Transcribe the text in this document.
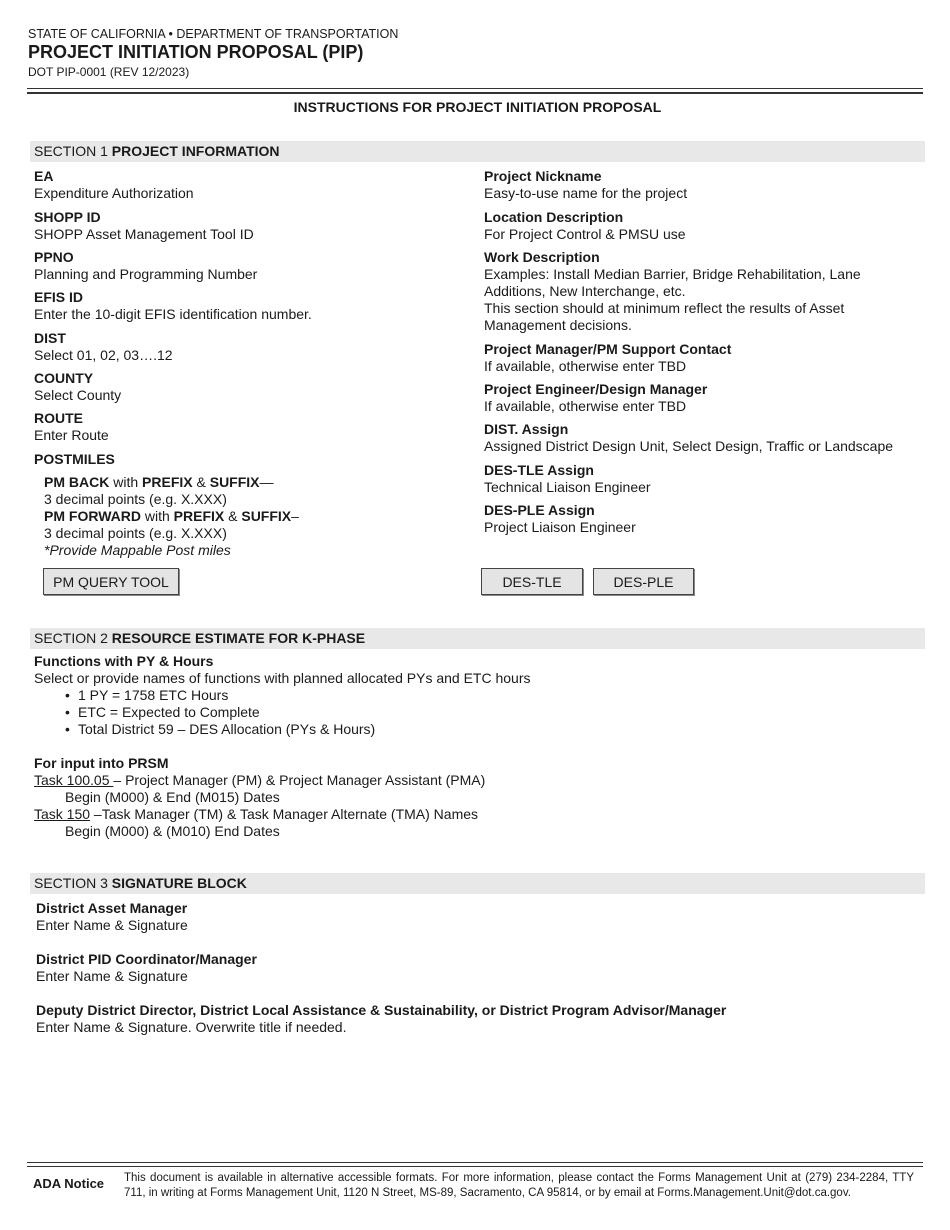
STATE OF CALIFORNIA • DEPARTMENT OF TRANSPORTATION
PROJECT INITIATION PROPOSAL (PIP)
DOT PIP-0001 (REV 12/2023)
INSTRUCTIONS FOR PROJECT INITIATION PROPOSAL
SECTION 1 PROJECT INFORMATION
EA
Expenditure Authorization
SHOPP ID
SHOPP Asset Management Tool ID
PPNO
Planning and Programming Number
EFIS ID
Enter the 10-digit EFIS identification number.
DIST
Select 01, 02, 03….12
COUNTY
Select County
ROUTE
Enter Route
POSTMILES
PM BACK with PREFIX & SUFFIX—
3 decimal points (e.g. X.XXX)
PM FORWARD with PREFIX & SUFFIX–
3 decimal points (e.g. X.XXX)
*Provide Mappable Post miles
Project Nickname
Easy-to-use name for the project
Location Description
For Project Control & PMSU use
Work Description
Examples: Install Median Barrier, Bridge Rehabilitation, Lane Additions, New Interchange, etc.
This section should at minimum reflect the results of Asset Management decisions.
Project Manager/PM Support Contact
If available, otherwise enter TBD
Project Engineer/Design Manager
If available, otherwise enter TBD
DIST. Assign
Assigned District Design Unit, Select Design, Traffic or Landscape
DES-TLE Assign
Technical Liaison Engineer
DES-PLE Assign
Project Liaison Engineer
PM QUERY TOOL	DES-TLE	DES-PLE
SECTION 2 RESOURCE ESTIMATE FOR K-PHASE
Functions with PY & Hours
Select or provide names of functions with planned allocated PYs and ETC hours
• 1 PY = 1758 ETC Hours
• ETC = Expected to Complete
• Total District 59 – DES Allocation (PYs & Hours)
For input into PRSM
Task 100.05 – Project Manager (PM) & Project Manager Assistant (PMA)
Begin (M000) & End (M015) Dates
Task 150 –Task Manager (TM) & Task Manager Alternate (TMA) Names
Begin (M000) & (M010) End Dates
SECTION 3 SIGNATURE BLOCK
District Asset Manager
Enter Name & Signature
District PID Coordinator/Manager
Enter Name & Signature
Deputy District Director, District Local Assistance & Sustainability, or District Program Advisor/Manager
Enter Name & Signature. Overwrite title if needed.
ADA Notice This document is available in alternative accessible formats. For more information, please contact the Forms Management Unit at (279) 234-2284, TTY 711, in writing at Forms Management Unit, 1120 N Street, MS-89, Sacramento, CA 95814, or by email at Forms.Management.Unit@dot.ca.gov.
